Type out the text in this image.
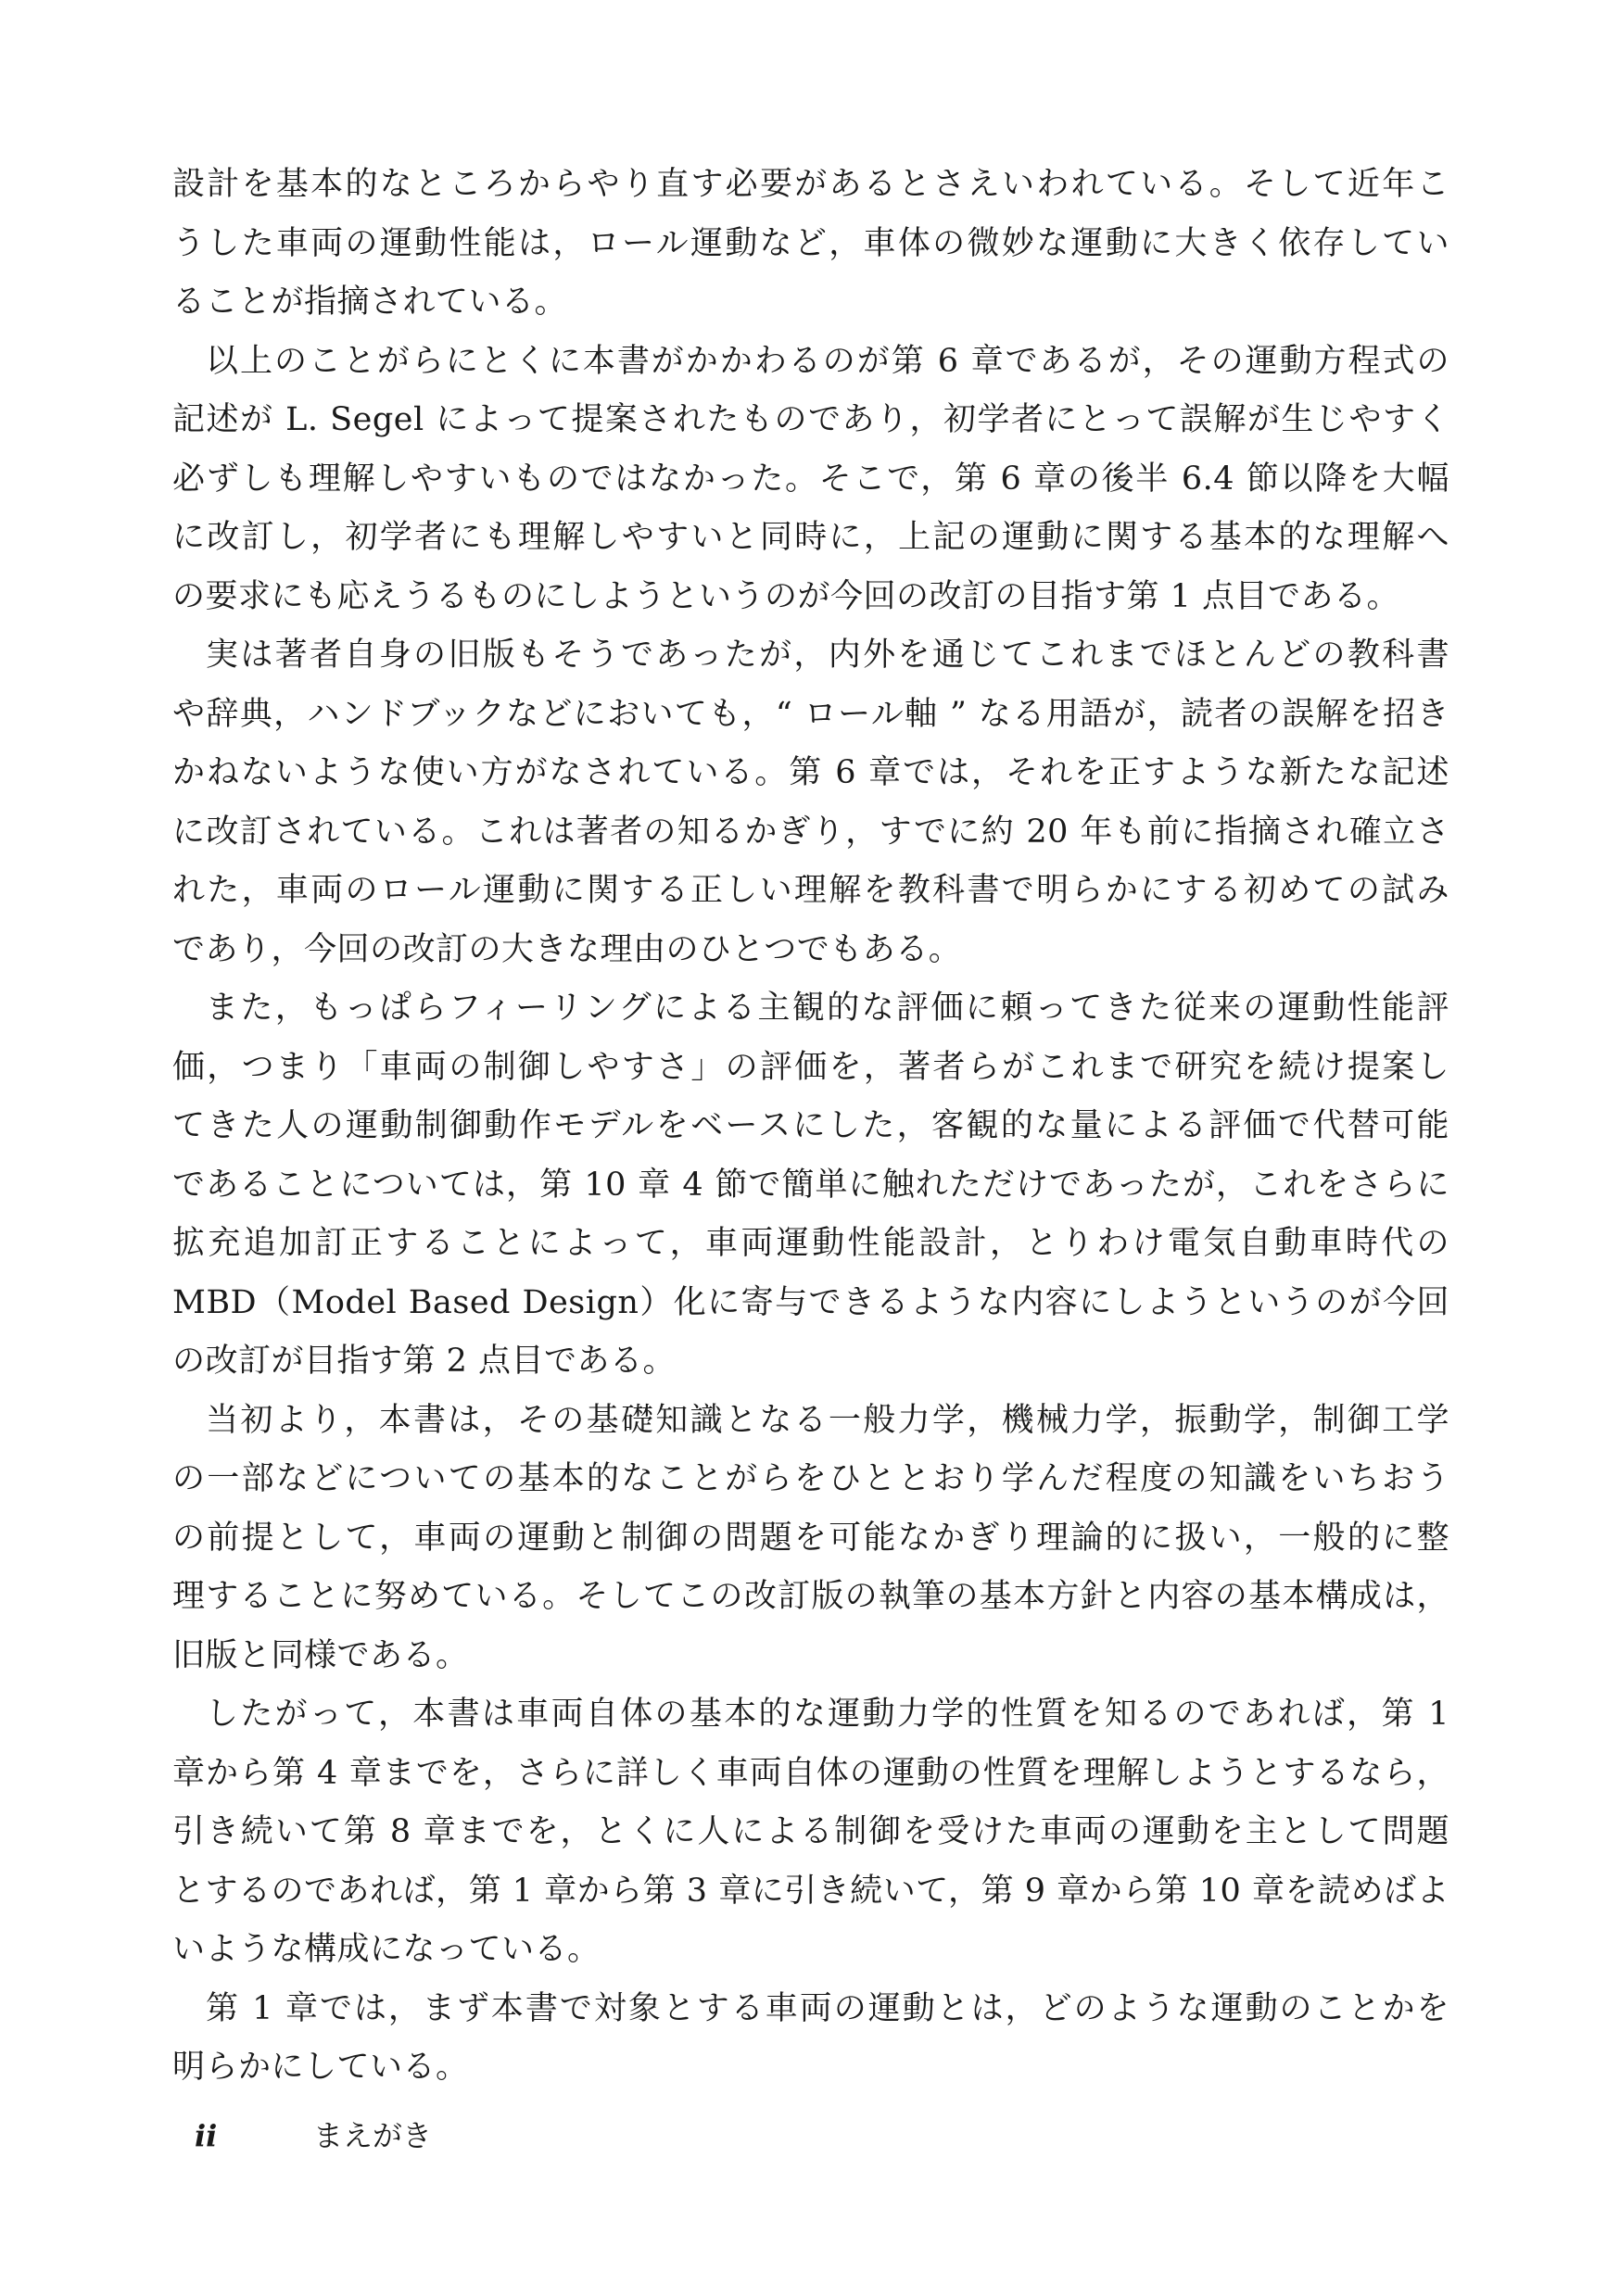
設計を基本的なところからやり直す必要があるとさえいわれている。そして近年こ
うした車両の運動性能は，ロール運動など，車体の微妙な運動に大きく依存してい
ることが指摘されている。
以上のことがらにとくに本書がかかわるのが第 6 章であるが，その運動方程式の
記述が L. Segel によって提案されたものであり，初学者にとって誤解が生じやすく
必ずしも理解しやすいものではなかった。そこで，第 6 章の後半 6.4 節以降を大幅
に改訂し，初学者にも理解しやすいと同時に，上記の運動に関する基本的な理解へ
の要求にも応えうるものにしようというのが今回の改訂の目指す第 1 点目である。
実は著者自身の旧版もそうであったが，内外を通じてこれまでほとんどの教科書
や辞典，ハンドブックなどにおいても，“ ロール軸 ” なる用語が，読者の誤解を招き
かねないような使い方がなされている。第 6 章では，それを正すような新たな記述
に改訂されている。これは著者の知るかぎり，すでに約 20 年も前に指摘され確立さ
れた，車両のロール運動に関する正しい理解を教科書で明らかにする初めての試み
であり，今回の改訂の大きな理由のひとつでもある。
また，もっぱらフィーリングによる主観的な評価に頼ってきた従来の運動性能評
価，つまり「車両の制御しやすさ」の評価を，著者らがこれまで研究を続け提案し
てきた人の運動制御動作モデルをベースにした，客観的な量による評価で代替可能
であることについては，第 10 章 4 節で簡単に触れただけであったが，これをさらに
拡充追加訂正することによって，車両運動性能設計，とりわけ電気自動車時代の
MBD（Model Based Design）化に寄与できるような内容にしようというのが今回
の改訂が目指す第 2 点目である。
当初より，本書は，その基礎知識となる一般力学，機械力学，振動学，制御工学
の一部などについての基本的なことがらをひととおり学んだ程度の知識をいちおう
の前提として，車両の運動と制御の問題を可能なかぎり理論的に扱い，一般的に整
理することに努めている。そしてこの改訂版の執筆の基本方針と内容の基本構成は，
旧版と同様である。
したがって，本書は車両自体の基本的な運動力学的性質を知るのであれば，第 1
章から第 4 章までを，さらに詳しく車両自体の運動の性質を理解しようとするなら，
引き続いて第 8 章までを，とくに人による制御を受けた車両の運動を主として問題
とするのであれば，第 1 章から第 3 章に引き続いて，第 9 章から第 10 章を読めばよ
いような構成になっている。
第 1 章では，まず本書で対象とする車両の運動とは，どのような運動のことかを
明らかにしている。
ii	まえがき
